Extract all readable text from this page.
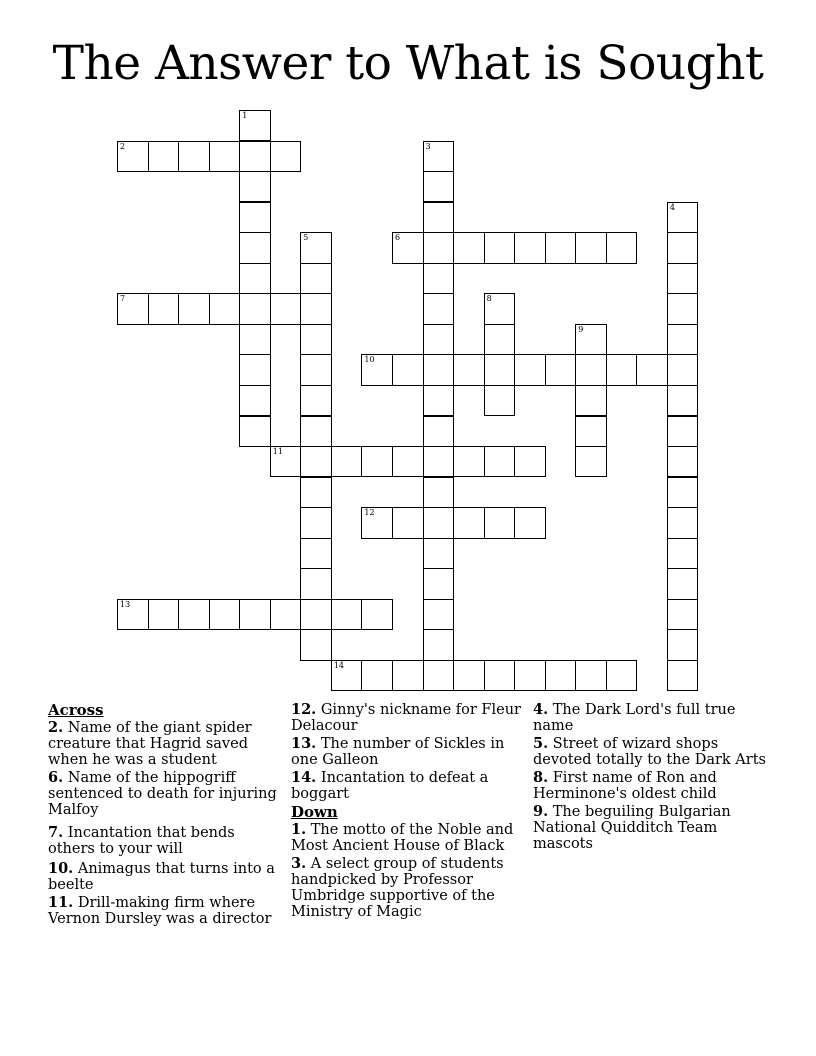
The Answer to What is Sought
1
2	3
4
5	6
7	8
9
10
11
12
13
14
Across
2. Name of the giant spider creature that Hagrid saved when he was a student
6. Name of the hippogriff sentenced to death for injuring Malfoy
7. Incantation that bends others to your will
10. Animagus that turns into a beelte
11. Drill-making firm where Vernon Dursley was a director
12. Ginny's nickname for Fleur Delacour
13. The number of Sickles in one Galleon
14. Incantation to defeat a boggart
Down
1. The motto of the Noble and Most Ancient House of Black
3. A select group of students handpicked by Professor Umbridge supportive of the Ministry of Magic
4. The Dark Lord's full true name
5. Street of wizard shops devoted totally to the Dark Arts
8. First name of Ron and Herminone's oldest child
9. The beguiling Bulgarian National Quidditch Team mascots
